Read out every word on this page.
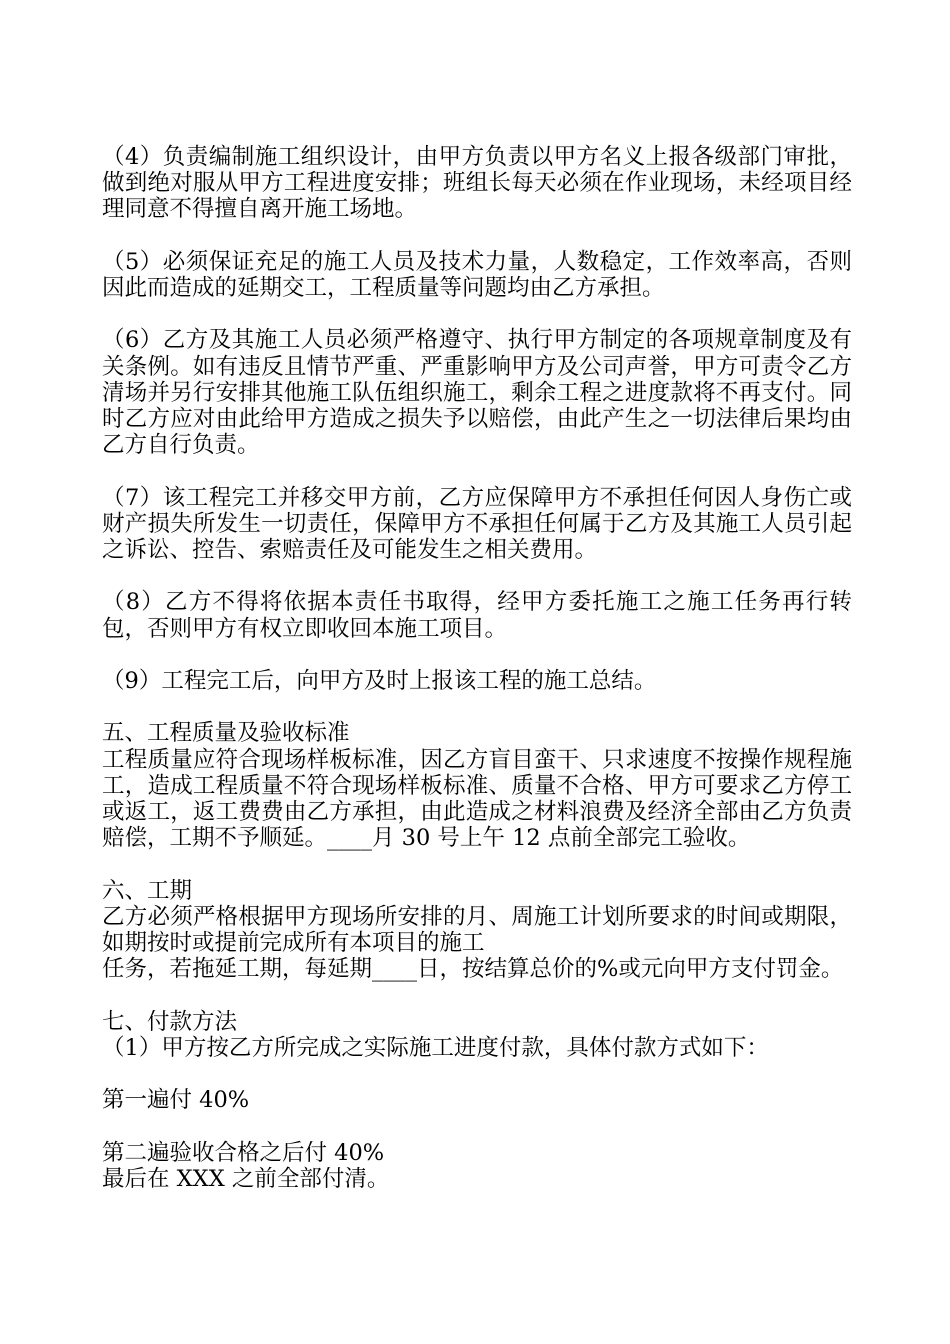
（4）负责编制施工组织设计，由甲方负责以甲方名义上报各级部门审批，做到绝对服从甲方工程进度安排；班组长每天必须在作业现场，未经项目经理同意不得擅自离开施工场地。

（5）必须保证充足的施工人员及技术力量，人数稳定，工作效率高，否则因此而造成的延期交工，工程质量等问题均由乙方承担。

（6）乙方及其施工人员必须严格遵守、执行甲方制定的各项规章制度及有关条例。如有违反且情节严重、严重影响甲方及公司声誉，甲方可责令乙方清场并另行安排其他施工队伍组织施工，剩余工程之进度款将不再支付。同时乙方应对由此给甲方造成之损失予以赔偿，由此产生之一切法律后果均由乙方自行负责。

（7）该工程完工并移交甲方前，乙方应保障甲方不承担任何因人身伤亡或财产损失所发生一切责任，保障甲方不承担任何属于乙方及其施工人员引起之诉讼、控告、索赔责任及可能发生之相关费用。

（8）乙方不得将依据本责任书取得，经甲方委托施工之施工任务再行转包，否则甲方有权立即收回本施工项目。

（9）工程完工后，向甲方及时上报该工程的施工总结。

五、工程质量及验收标准

工程质量应符合现场样板标准，因乙方盲目蛮干、只求速度不按操作规程施工，造成工程质量不符合现场样板标准、质量不合格、甲方可要求乙方停工或返工，返工费费由乙方承担，由此造成之材料浪费及经济全部由乙方负责赔偿，工期不予顺延。____月 30 号上午 12 点前全部完工验收。

六、工期

乙方必须严格根据甲方现场所安排的月、周施工计划所要求的时间或期限，如期按时或提前完成所有本项目的施工

任务，若拖延工期，每延期____日，按结算总价的%或元向甲方支付罚金。

七、付款方法

（1）甲方按乙方所完成之实际施工进度付款，具体付款方式如下：

第一遍付 40%

第二遍验收合格之后付 40%

最后在 XXX 之前全部付清。
